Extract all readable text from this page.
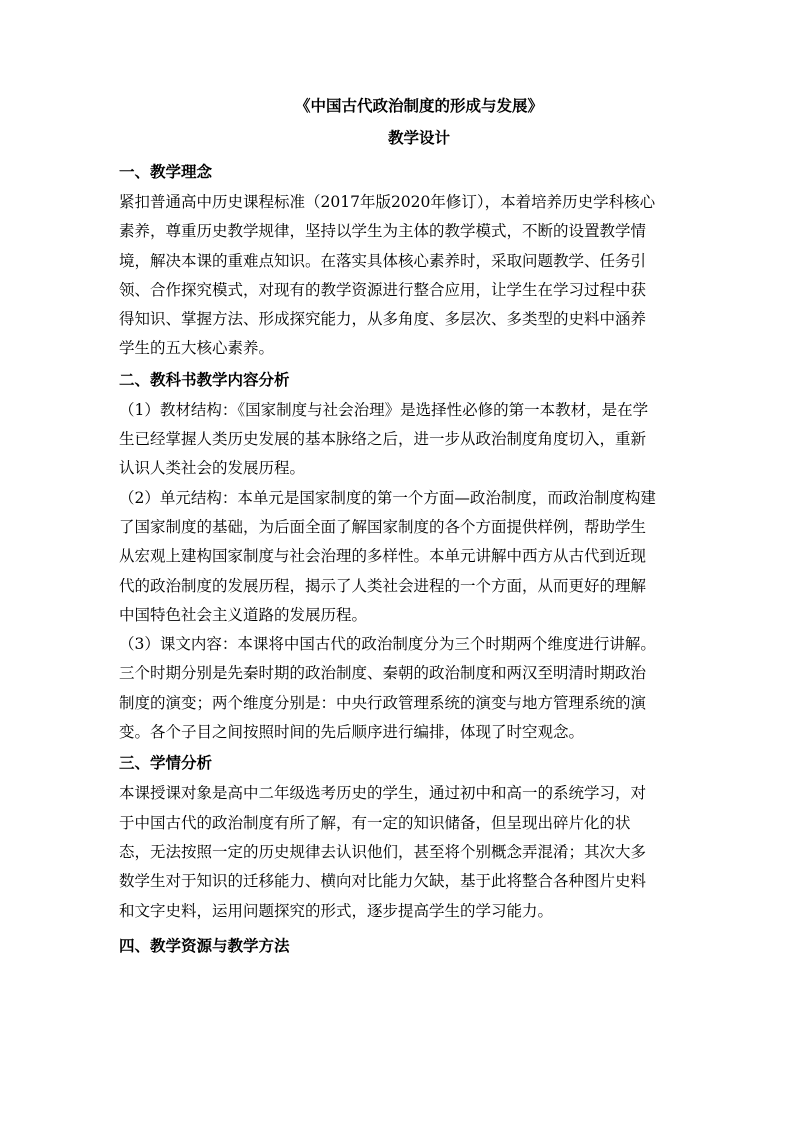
《中国古代政治制度的形成与发展》

教学设计

一、教学理念

紧扣普通高中历史课程标准（2017年版2020年修订），本着培养历史学科核心
素养，尊重历史教学规律，坚持以学生为主体的教学模式，不断的设置教学情
境，解决本课的重难点知识。在落实具体核心素养时，采取问题教学、任务引
领、合作探究模式，对现有的教学资源进行整合应用，让学生在学习过程中获
得知识、掌握方法、形成探究能力，从多角度、多层次、多类型的史料中涵养
学生的五大核心素养。

二、教科书教学内容分析

（1）教材结构：《国家制度与社会治理》是选择性必修的第一本教材，是在学
生已经掌握人类历史发展的基本脉络之后，进一步从政治制度角度切入，重新
认识人类社会的发展历程。

（2）单元结构：本单元是国家制度的第一个方面—政治制度，而政治制度构建
了国家制度的基础，为后面全面了解国家制度的各个方面提供样例，帮助学生
从宏观上建构国家制度与社会治理的多样性。本单元讲解中西方从古代到近现
代的政治制度的发展历程，揭示了人类社会进程的一个方面，从而更好的理解
中国特色社会主义道路的发展历程。

（3）课文内容：本课将中国古代的政治制度分为三个时期两个维度进行讲解。
三个时期分别是先秦时期的政治制度、秦朝的政治制度和两汉至明清时期政治
制度的演变；两个维度分别是：中央行政管理系统的演变与地方管理系统的演
变。各个子目之间按照时间的先后顺序进行编排，体现了时空观念。

三、学情分析

本课授课对象是高中二年级选考历史的学生，通过初中和高一的系统学习，对
于中国古代的政治制度有所了解，有一定的知识储备，但呈现出碎片化的状
态，无法按照一定的历史规律去认识他们，甚至将个别概念弄混淆；其次大多
数学生对于知识的迁移能力、横向对比能力欠缺，基于此将整合各种图片史料
和文字史料，运用问题探究的形式，逐步提高学生的学习能力。

四、教学资源与教学方法
